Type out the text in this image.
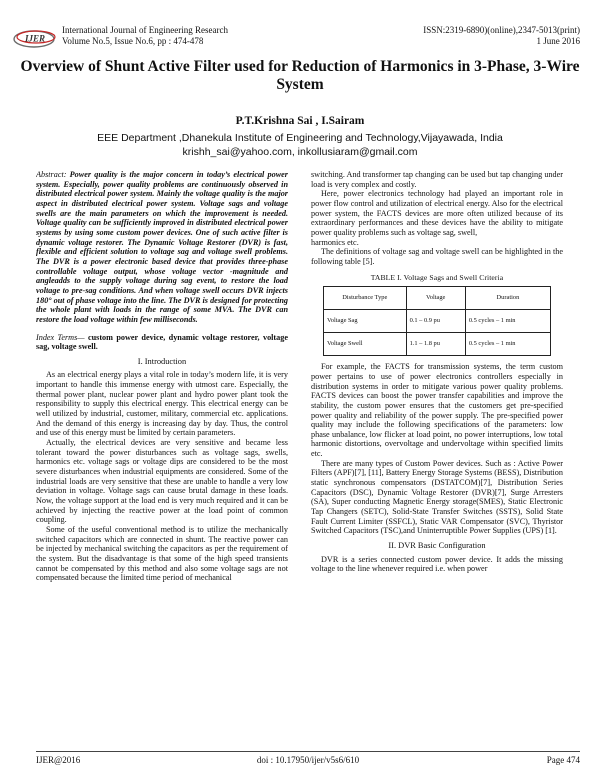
IJER
International Journal of Engineering Research
Volume No.5, Issue No.6, pp : 474-478
ISSN:2319-6890)(online),2347-5013(print)
1 June 2016
Overview of Shunt Active Filter used for Reduction of Harmonics in 3-Phase, 3-Wire System
P.T.Krishna Sai , I.Sairam
EEE Department ,Dhanekula Institute of Engineering and Technology,Vijayawada, India
krishh_sai@yahoo.com, inkollusiaram@gmail.com

Abstract: Power quality is the major concern in today’s electrical power system. Especially, power quality problems are continuously observed in distributed electrical power system. Mainly the voltage quality is the major aspect in distributed electrical power system. Voltage sags and voltage swells are the main parameters on which the improvement is needed. Voltage quality can be sufficiently improved in distributed electrical power systems by using some custom power devices. One of such active filter is dynamic voltage restorer. The Dynamic Voltage Restorer (DVR) is fast, flexible and efficient solution to voltage sag and voltage swell problems. The DVR is a power electronic based device that provides three-phase controllable voltage output, whose voltage vector -magnitude and angleadds to the supply voltage during sag event, to restore the load voltage to pre-sag conditions. And when voltage swell occurs DVR injects 180° out of phase voltage into the line. The DVR is designed for protecting the whole plant with loads in the range of some MVA. The DVR can restore the load voltage within few milliseconds.

Index Terms— custom power device, dynamic voltage restorer, voltage sag, voltage swell.

I. Introduction

As an electrical energy plays a vital role in today’s modern life, it is very important to handle this immense energy with utmost care. Especially, the thermal power plant, nuclear power plant and hydro power plant took the responsibility to supply this electrical energy. This electrical energy can be well utilized by industrial, customer, military, commercial etc. applications. And the demand of this energy is increasing day by day. Thus, the control and use of this energy must be limited by certain parameters.

Actually, the electrical devices are very sensitive and became less tolerant toward the power disturbances such as voltage sags, swells, harmonics etc. voltage sags or voltage dips are considered to be the most severe disturbances when industrial equipments are considered. Some of the industrial loads are very sensitive that these are unable to handle a very low deviation in voltage. Voltage sags can cause brutal damage in these loads. Now, the voltage support at the load end is very much required and it can be achieved by injecting the reactive power at the load point of common coupling.

Some of the useful conventional method is to utilize the mechanically switched capacitors which are connected in shunt. The reactive power can be injected by mechanical switching the capacitors as per the requirement of the system. But the disadvantage is that some of the high speed transients cannot be compensated by this method and also some voltage sags are not compensated because the limited time period of mechanical

switching. And transformer tap changing can be used but tap changing under load is very complex and costly.

Here, power electronics technology had played an important role in power flow control and utilization of electrical energy. Also for the electrical power system, the FACTS devices are more often utilized because of its extraordinary performances and these devices have the ability to mitigate power quality problems such as voltage sag, swell,

harmonics etc.

The definitions of voltage sag and voltage swell can be highlighted in the following table [5].

TABLE I. Voltage Sags and Swell Criteria

Disturbance Type	Voltage	Duration
Voltage Sag	0.1 – 0.9 pu	0.5 cycles – 1 min
Voltage Swell	1.1 – 1.8 pu	0.5 cycles – 1 min

For example, the FACTS for transmission systems, the term custom power pertains to use of power electronics controllers especially in distribution systems in order to mitigate various power quality problems. FACTS devices can boost the power transfer capabilities and improve the stability, the custom power ensures that the customers get pre-specified power quality and reliability of the power supply. The pre-specified power quality may include the following specifications of the parameters: low phase unbalance, low flicker at load point, no power interruptions, low total harmonic distortions, overvoltage and undervoltage within specified limits etc.

There are many types of Custom Power devices. Such as : Active Power Filters (APF)[7], [11], Battery Energy Storage Systems (BESS), Distribution static synchronous compensators (DSTATCOM)[7], Distribution Series Capacitors (DSC), Dynamic Voltage Restorer (DVR)[7], Surge Arresters (SA), Super conducting Magnetic Energy storage(SMES), Static Electronic Tap Changers (SETC), Solid-State Transfer Switches (SSTS), Solid State Fault Current Limiter (SSFCL), Static VAR Compensator (SVC), Thyristor Switched Capacitors (TSC),and Uninterruptible Power Supplies (UPS) [1].

II. DVR Basic Configuration

DVR is a series connected custom power device. It adds the missing voltage to the line whenever required i.e. when power

IJER@2016	doi : 10.17950/ijer/v5s6/610	Page 474
